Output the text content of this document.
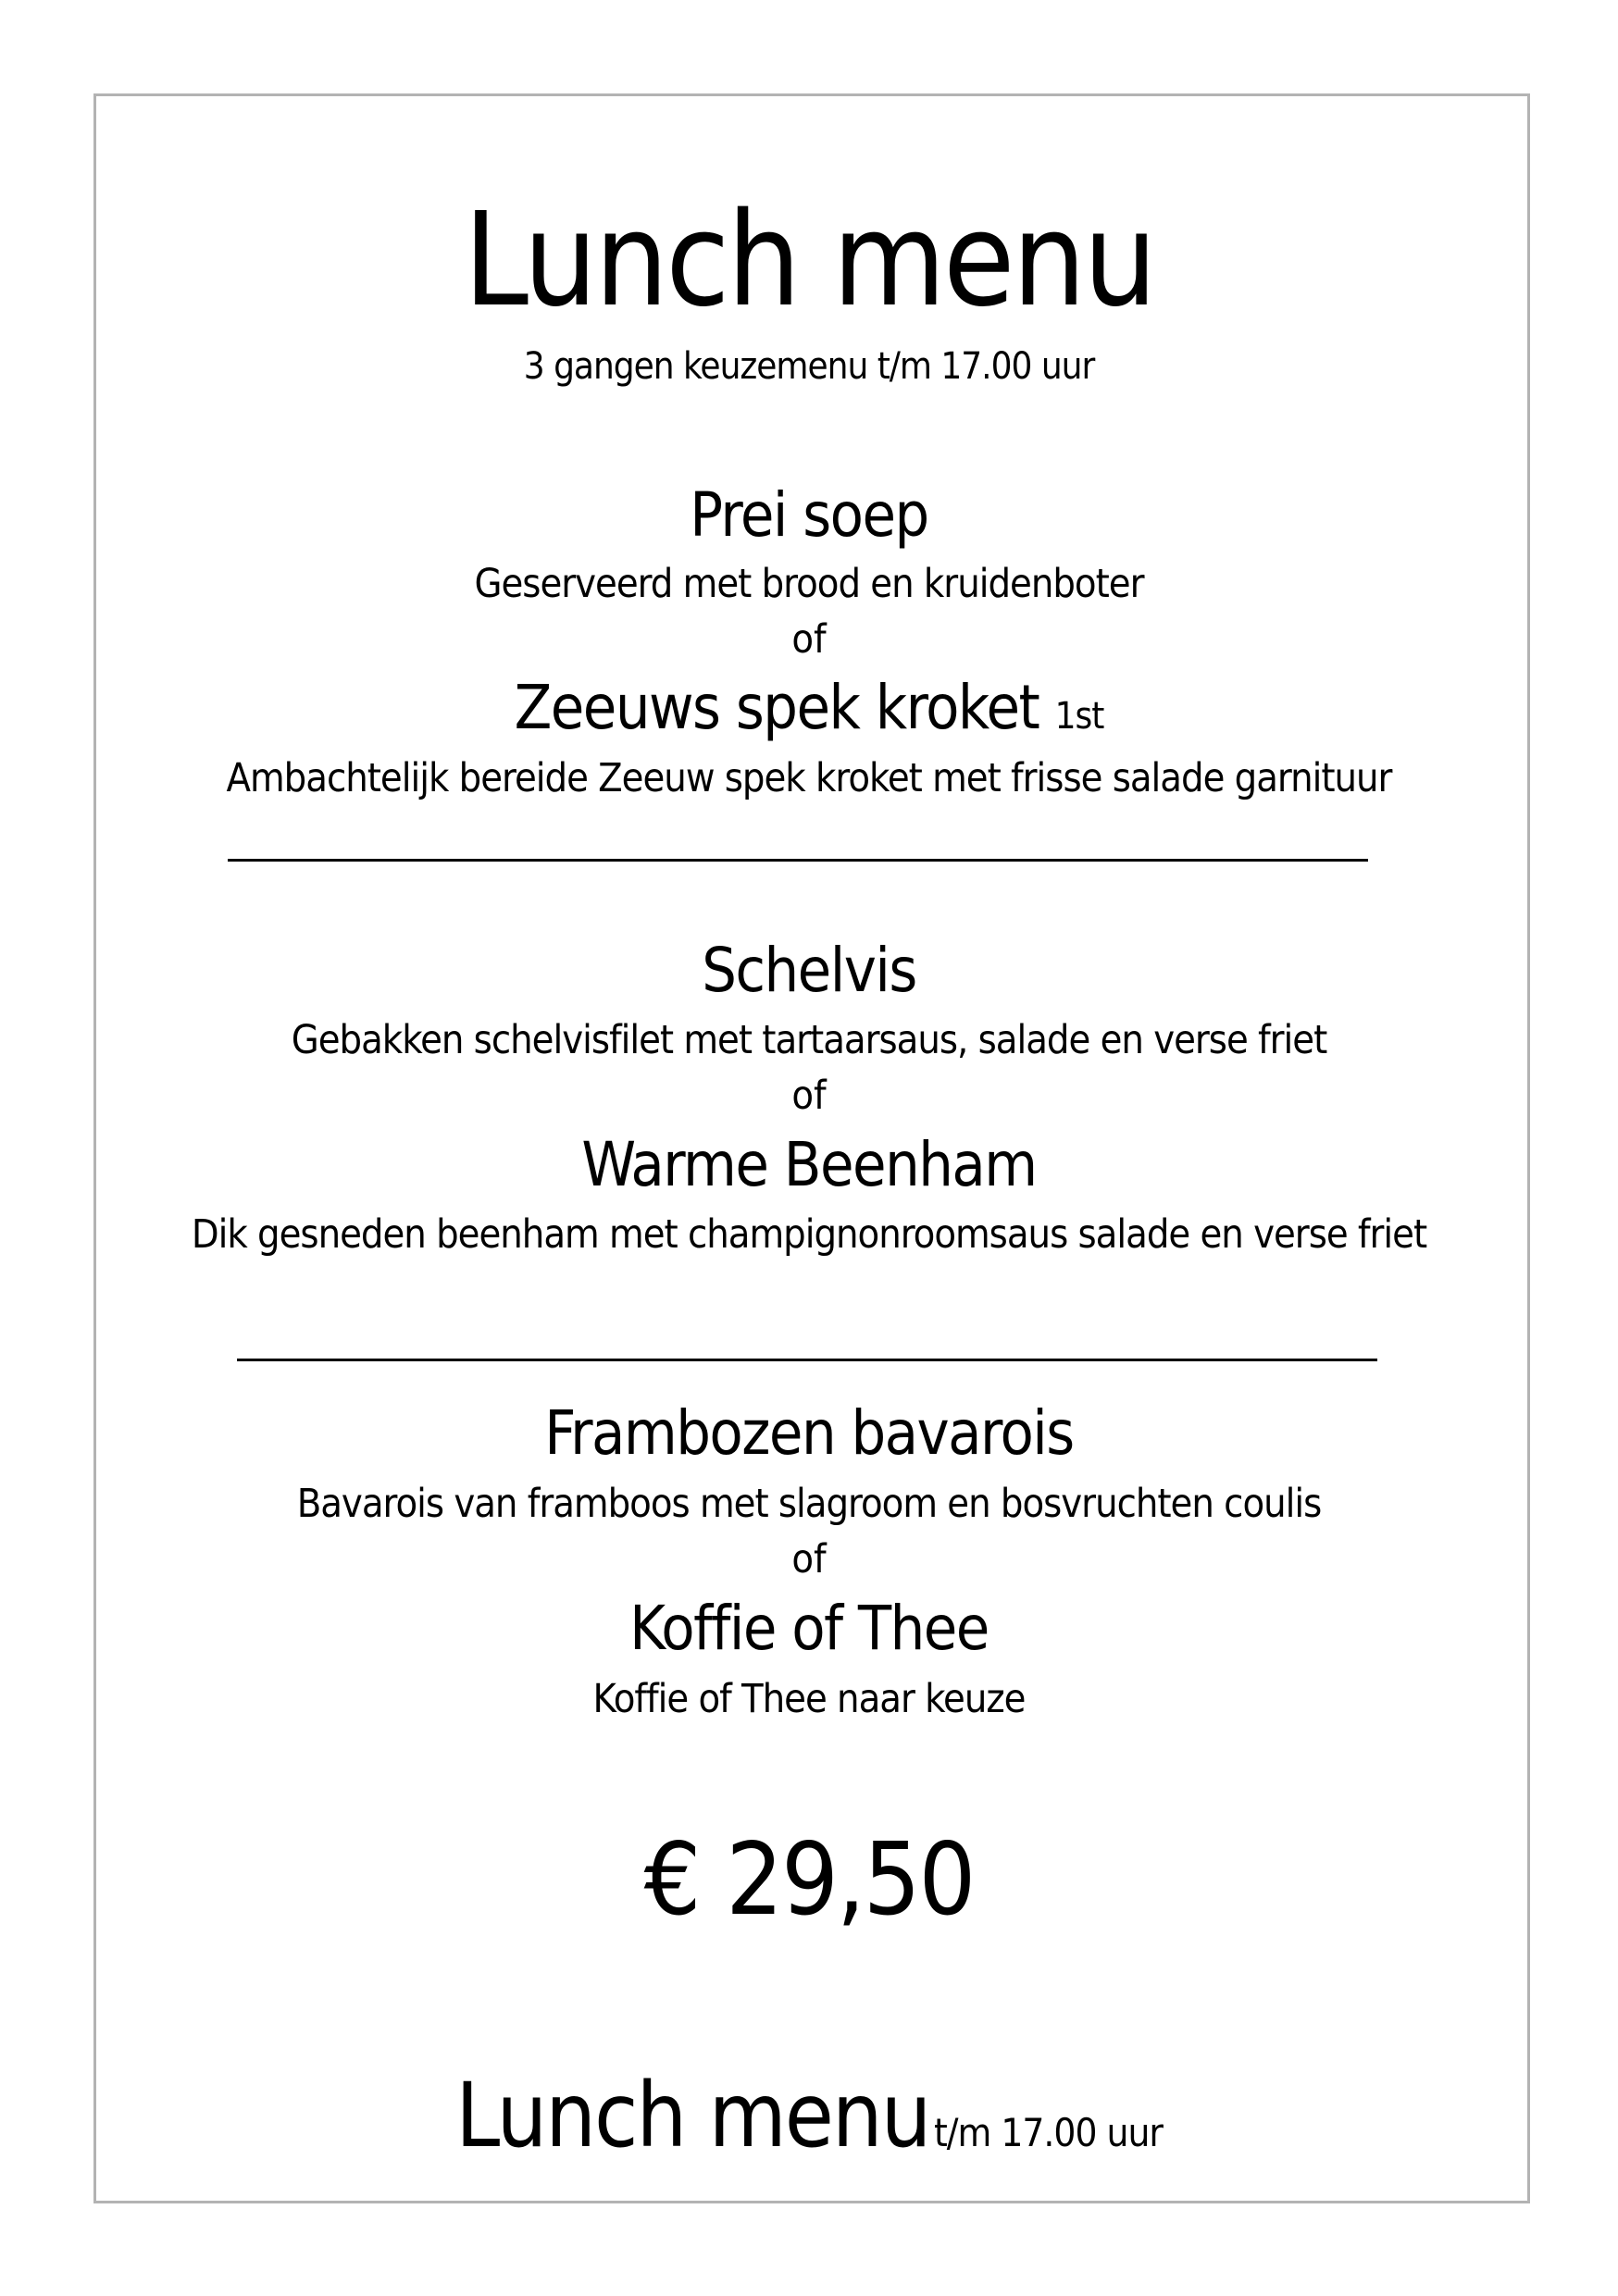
Lunch menu
3 gangen keuzemenu t/m 17.00 uur
Prei soep
Geserveerd met brood en kruidenboter
of
Zeeuws spek kroket 1st
Ambachtelijk bereide Zeeuw spek kroket met frisse salade garnituur
Schelvis
Gebakken schelvisfilet met tartaarsaus, salade en verse friet
of
Warme Beenham
Dik gesneden beenham met champignonroomsaus salade en verse friet
Frambozen bavarois
Bavarois van framboos met slagroom en bosvruchten coulis
of
Koffie of Thee
Koffie of Thee naar keuze
€ 29,50
Lunch menu t/m 17.00 uur
